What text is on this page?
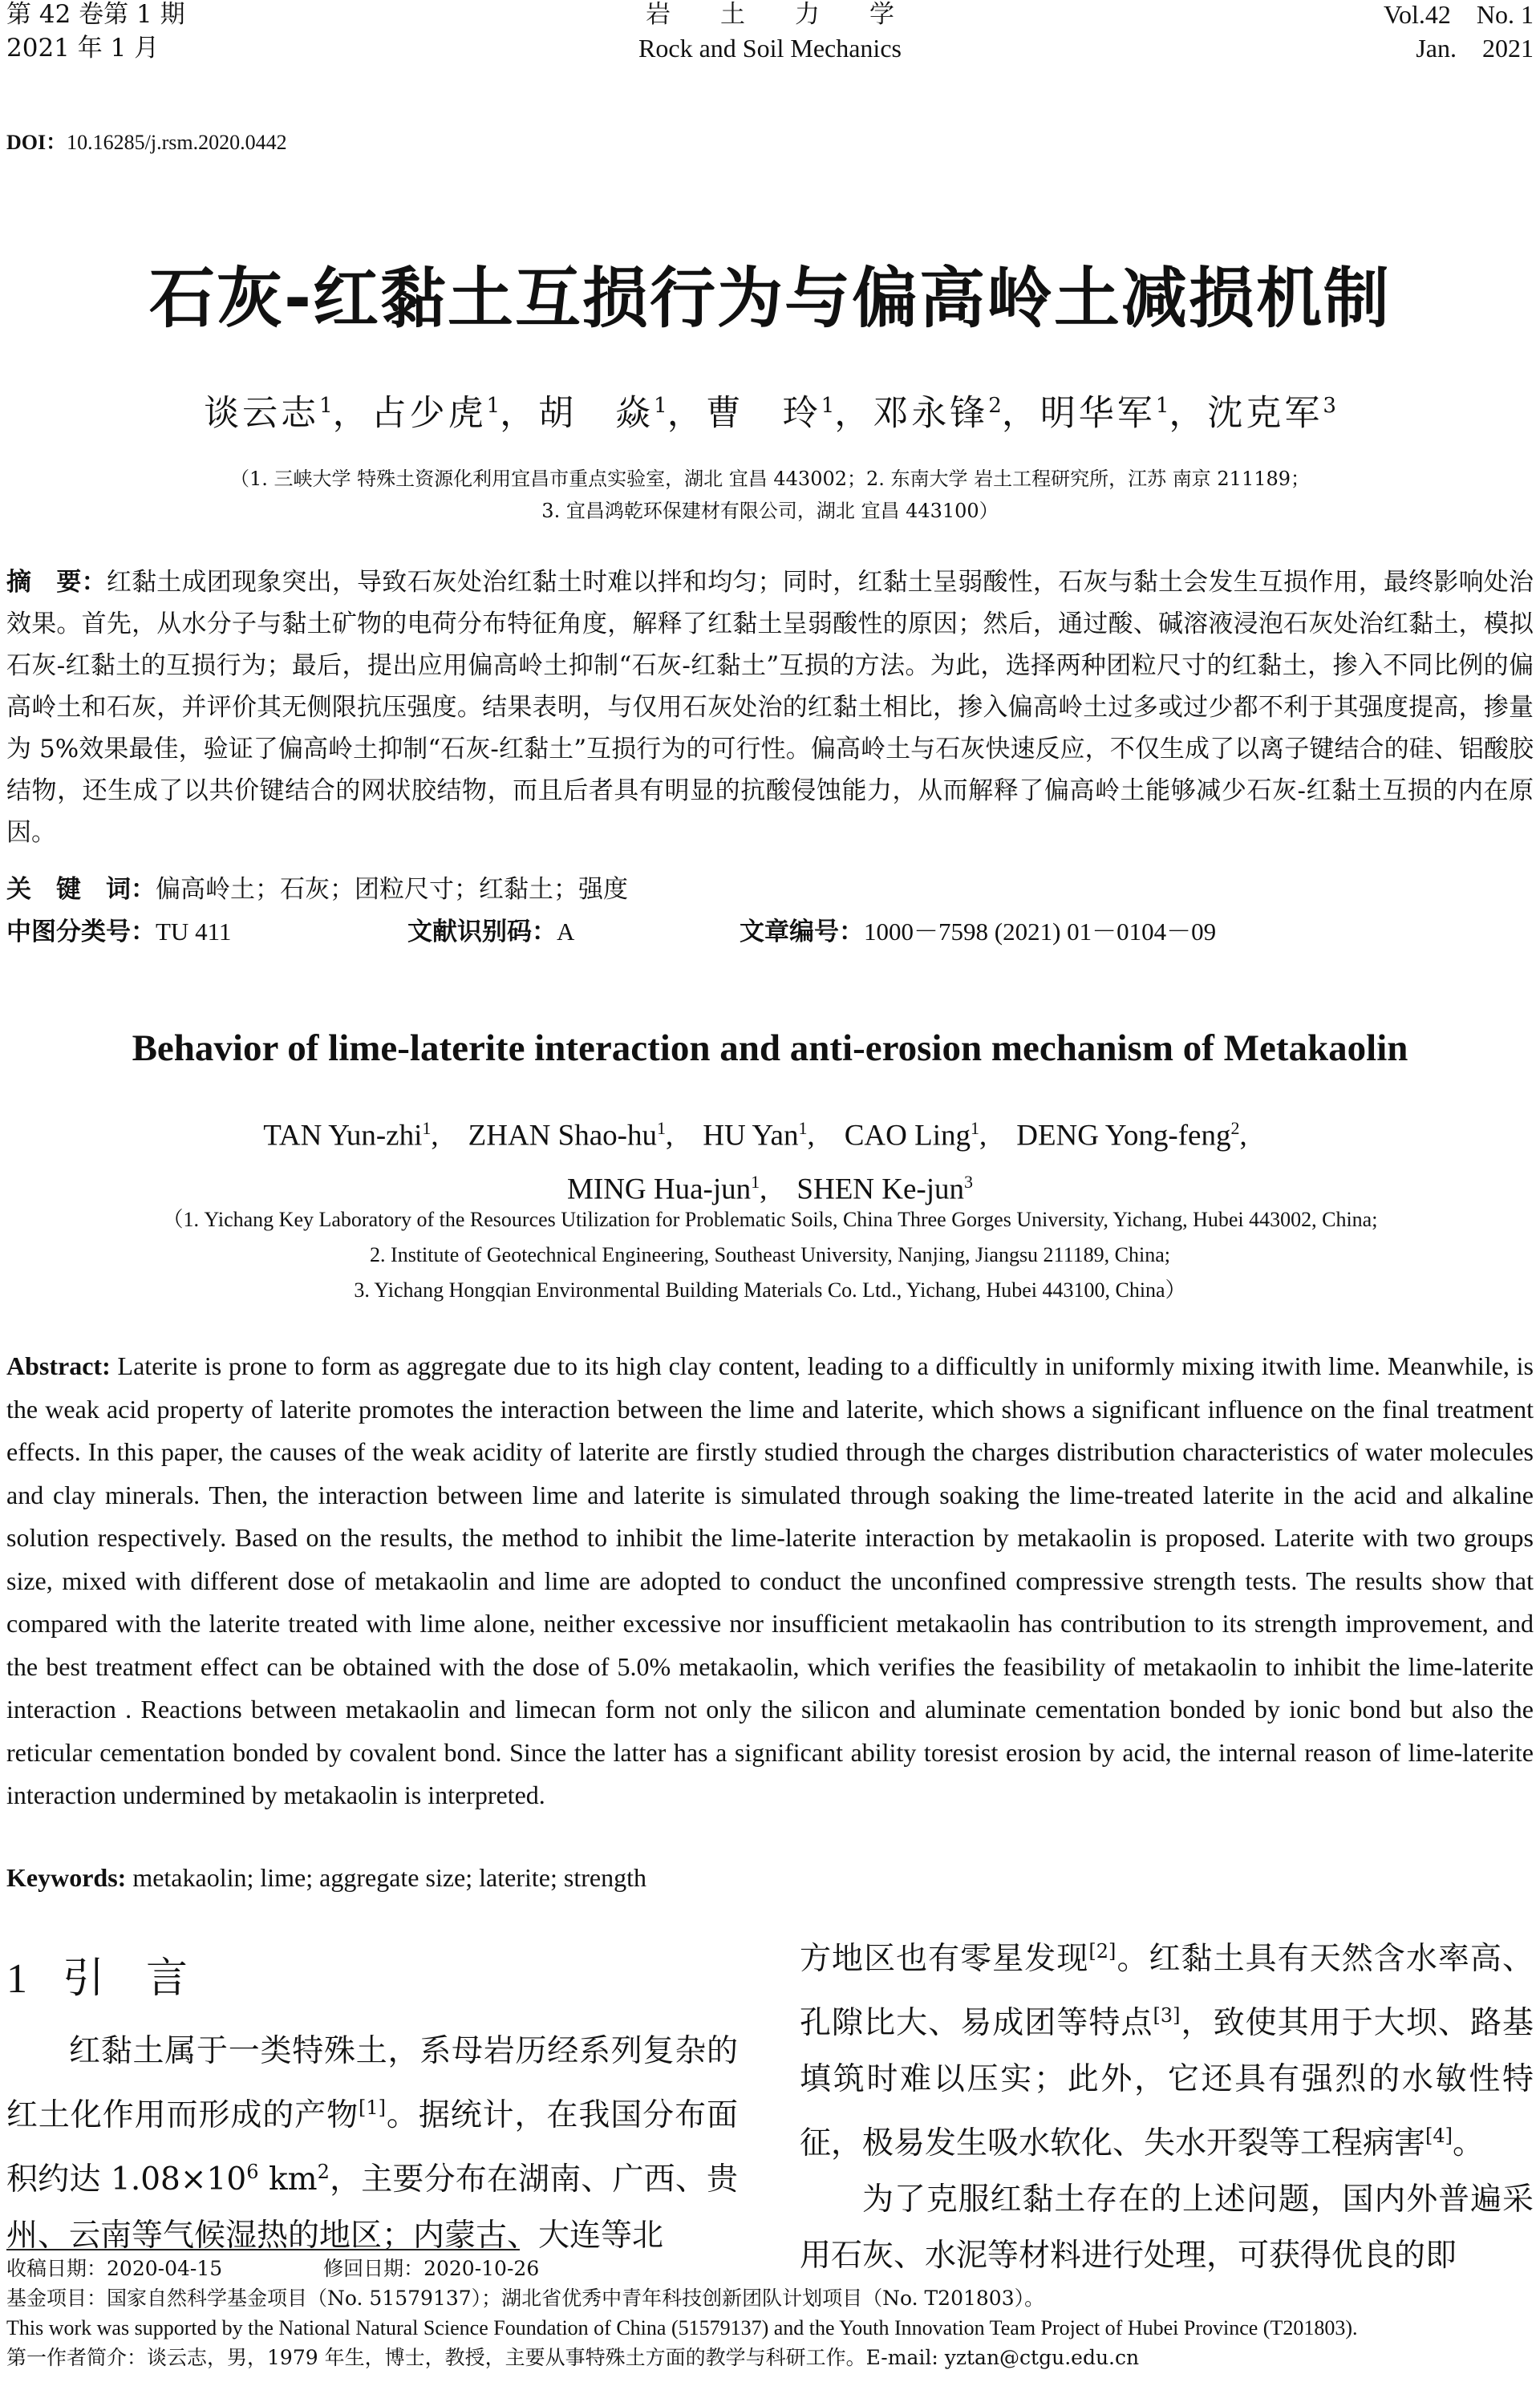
第 42 卷第 1 期
2021 年 1 月
岩　　土　　力　　学
Rock and Soil Mechanics
Vol.42　No. 1
Jan.　2021
DOI：10.16285/j.rsm.2020.0442
石灰-红黏土互损行为与偏高岭土减损机制
谈云志$^1$，占少虎$^1$，胡　焱$^1$，曹　玲$^1$，邓永锋$^2$，明华军$^1$，沈克军$^3$
（1. 三峡大学 特殊土资源化利用宜昌市重点实验室，湖北 宜昌 443002；2. 东南大学 岩土工程研究所，江苏 南京 211189；
3. 宜昌鸿乾环保建材有限公司，湖北 宜昌 443100）
摘　要：红黏土成团现象突出，导致石灰处治红黏土时难以拌和均匀；同时，红黏土呈弱酸性，石灰与黏土会发生互损作用，最终影响处治效果。首先，从水分子与黏土矿物的电荷分布特征角度，解释了红黏土呈弱酸性的原因；然后，通过酸、碱溶液浸泡石灰处治红黏土，模拟石灰-红黏土的互损行为；最后，提出应用偏高岭土抑制“石灰-红黏土”互损的方法。为此，选择两种团粒尺寸的红黏土，掺入不同比例的偏高岭土和石灰，并评价其无侧限抗压强度。结果表明，与仅用石灰处治的红黏土相比，掺入偏高岭土过多或过少都不利于其强度提高，掺量为 5%效果最佳，验证了偏高岭土抑制“石灰-红黏土”互损行为的可行性。偏高岭土与石灰快速反应，不仅生成了以离子键结合的硅、铝酸胶结物，还生成了以共价键结合的网状胶结物，而且后者具有明显的抗酸侵蚀能力，从而解释了偏高岭土能够减少石灰-红黏土互损的内在原因。
关　键　词：偏高岭土；石灰；团粒尺寸；红黏土；强度
中图分类号：TU 411	文献识别码：A	文章编号：1000－7598 (2021) 01－0104－09
Behavior of lime-laterite interaction and anti-erosion mechanism of Metakaolin
TAN Yun-zhi$^1$, ZHAN Shao-$hu^1$, HU Yan$^1$, CAO Ling$^1$, DENG Yong-feng$^2$, 
MING Hua-jun$^1$, SHEN Ke-jun$^3$
（1. Yichang Key Laboratory of the Resources Utilization for Problematic Soils, China Three Gorges University, Yichang, Hubei 443002, China;
2. Institute of Geotechnical Engineering, Southeast University, Nanjing, Jiangsu 211189, China;
3. Yichang Hongqian Environmental Building Materials Co. Ltd., Yichang, Hubei 443100, China）
Abstract: Laterite is prone to form as aggregate due to its high clay content, leading to a difficultly in uniformly mixing itwith lime. Meanwhile, is the weak acid property of laterite promotes the interaction between the lime and laterite, which shows a significant influence on the final treatment effects. In this paper, the causes of the weak acidity of laterite are firstly studied through the charges distribution characteristics of water molecules and clay minerals. Then, the interaction between lime and laterite is simulated through soaking the lime-treated laterite in the acid and alkaline solution respectively. Based on the results, the method to inhibit the lime-laterite interaction by metakaolin is proposed. Laterite with two groups size, mixed with different dose of metakaolin and lime are adopted to conduct the unconfined compressive strength tests. The results show that compared with the laterite treated with lime alone, neither excessive nor insufficient metakaolin has contribution to its strength improvement, and the best treatment effect can be obtained with the dose of 5.0% metakaolin, which verifies the feasibility of metakaolin to inhibit the lime-laterite interaction . Reactions between metakaolin and limecan form not only the silicon and aluminate cementation bonded by ionic bond but also the reticular cementation bonded by covalent bond. Since the latter has a significant ability toresist erosion by acid, the internal reason of lime-laterite interaction undermined by metakaolin is interpreted.
Keywords: metakaolin; lime; aggregate size; laterite; strength
1 引　言

红黏土属于一类特殊土，系母岩历经系列复杂的红土化作用而形成的产物[1]。据统计，在我国分布面积约达 $1.08\times 10^6$ $km^2$，主要分布在湖南、广西、贵州、云南等气候湿热的地区；内蒙古、大连等北

方地区也有零星发现[2]。红黏土具有天然含水率高、孔隙比大、易成团等特点[3]，致使其用于大坝、路基填筑时难以压实；此外，它还具有强烈的水敏性特征，极易发生吸水软化、失水开裂等工程病害[4]。

为了克服红黏土存在的上述问题，国内外普遍采用石灰、水泥等材料进行处理，可获得优良的即

收稿日期：2020-04-15	修回日期：2020-10-26
基金项目：国家自然科学基金项目（No. 51579137）；湖北省优秀中青年科技创新团队计划项目（No. T201803）。
This work was supported by the National Natural Science Foundation of China (51579137) and the Youth Innovation Team Project of Hubei Province (T201803).
第一作者简介：谈云志，男，1979 年生，博士，教授，主要从事特殊土方面的教学与科研工作。E-mail: yztan@ctgu.edu.cn
